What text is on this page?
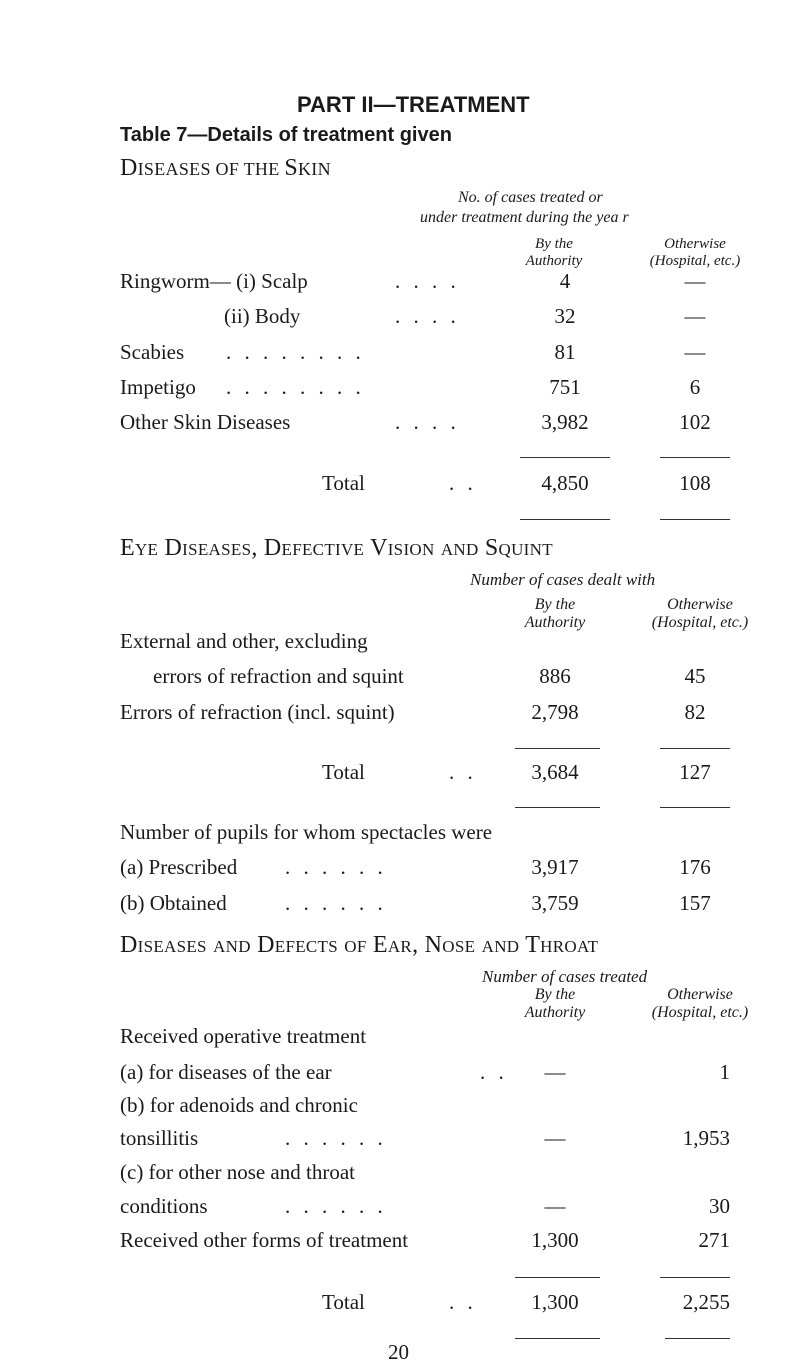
PART II—TREATMENT
Table 7—Details of treatment given
DISEASES OF THE SKIN
No. of cases treated or
under treatment during the yea r
By the
Authority
Otherwise
(Hospital, etc.)
Ringworm— (i) Scalp	. . . .	4	—
(ii) Body	. . . .	32	—
Scabies . . . . . . . .	81	—
Impetigo . . . . . . . .	751	6
Other Skin Diseases	. . . .	3,982	102
Total	. .	4,850	108
Eye Diseases, Defective Vision and Squint
Number of cases dealt with
By the
Authority
Otherwise
(Hospital, etc.)
External and other, excluding
errors of refraction and squint	886	45
Errors of refraction (incl. squint)	2,798	82
Total	. .	3,684	127
Number of pupils for whom spectacles were
(a) Prescribed . . . . . .	3,917	176
(b) Obtained	. . . . . .	3,759	157
Diseases and Defects of Ear, Nose and Throat
Number of cases treated
By the
Authority
Otherwise
(Hospital, etc.)
Received operative treatment
(a) for diseases of the ear	. .	—	1
(b) for adenoids and chronic
tonsillitis	. . . . . .	—	1,953
(c) for other nose and throat
conditions	. . . . . .	—	30
Received other forms of treatment	1,300	271
Total	. .	1,300	2,255
20
